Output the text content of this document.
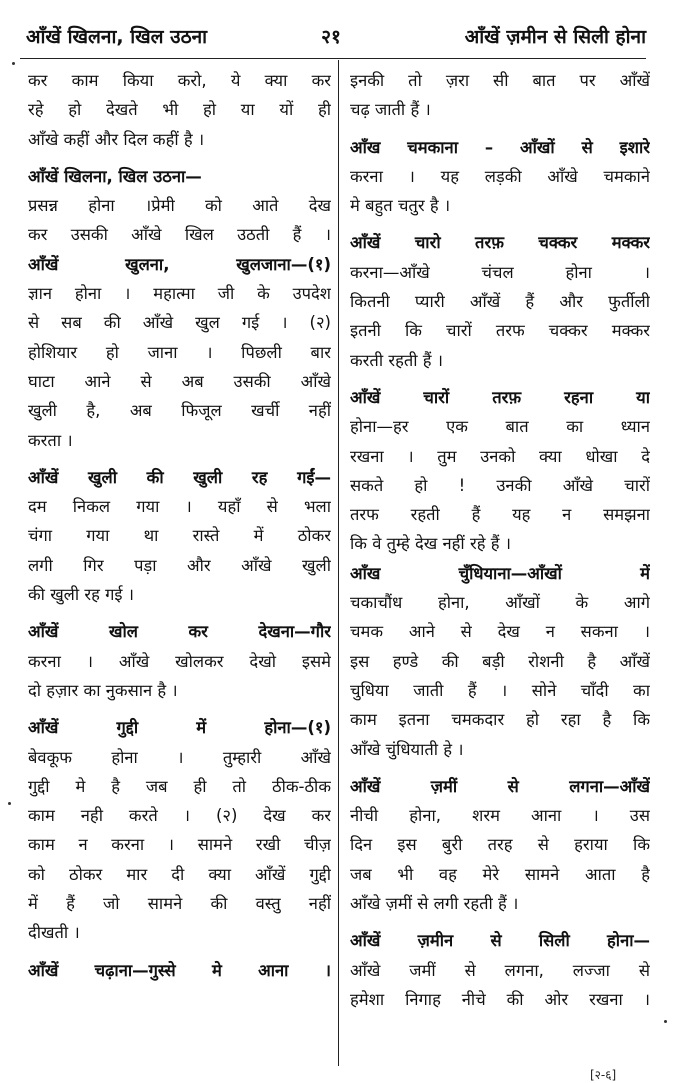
आँखें खिलना, खिल उठना	२१	आँखें ज़मीन से सिली होना
कर काम किया करो, ये क्या कर
रहे हो देखते भी हो या यों ही
आँखे कहीं और दिल कहीं है ।
आँखें खिलना, खिल उठना—
प्रसन्न होना ।प्रेमी को आते देख
कर उसकी आँखे खिल उठती हैं ।
आँखें खुलना, खुलजाना—(१)
ज्ञान होना । महात्मा जी के उपदेश
से सब की आँखे खुल गई । (२)
होशियार हो जाना । पिछली बार
घाटा आने से अब उसकी आँखे
खुली है, अब फिजूल खर्ची नहीं
करता ।
आँखें खुली की खुली रह गईं—
दम निकल गया । यहाँ से भला
चंगा गया था रास्ते में ठोकर
लगी गिर पड़ा और आँखे खुली
की खुली रह गई ।
आँखें खोल कर देखना—गौर
करना । आँखे खोलकर देखो इसमे
दो हज़ार का नुकसान है ।
आँखें गुद्दी में होना—(१)
बेवकूफ होना । तुम्हारी आँखे
गुद्दी मे है जब ही तो ठीक-ठीक
काम नही करते । (२) देख कर
काम न करना । सामने रखी चीज़
को ठोकर मार दी क्या आँखें गुद्दी
में हैं जो सामने की वस्तु नहीं
दीखती ।
आँखें चढ़ाना—गुस्से मे आना ।
इनकी तो ज़रा सी बात पर आँखें
चढ़ जाती हैं ।
आँख चमकाना – आँखों से इशारे
करना । यह लड़की आँखे चमकाने
मे बहुत चतुर है ।
आँखें चारो तरफ़ चक्कर मक्कर
करना—आँखे चंचल होना ।
कितनी प्यारी आँखें हैं और फुर्तीली
इतनी कि चारों तरफ चक्कर मक्कर
करती रहती हैं ।
आँखें चारों तरफ़ रहना या
होना—हर एक बात का ध्यान
रखना । तुम उनको क्या धोखा दे
सकते हो ! उनकी आँखे चारों
तरफ रहती हैं यह न समझना
कि वे तुम्हे देख नहीं रहे हैं ।
आँख चुँधियाना—आँखों में
चकाचौंध होना, आँखों के आगे
चमक आने से देख न सकना ।
इस हण्डे की बड़ी रोशनी है आँखें
चुधिया जाती हैं । सोने चाँदी का
काम इतना चमकदार हो रहा है कि
आँखे चुंधियाती हे ।
आँखें ज़मीं से लगना—आँखें
नीची होना, शरम आना । उस
दिन इस बुरी तरह से हराया कि
जब भी वह मेरे सामने आता है
आँखे ज़मीं से लगी रहती हैं ।
आँखें ज़मीन से सिली होना—
आँखे जमीं से लगना, लज्जा से
हमेशा निगाह नीचे की ओर रखना ।
[२-६]
